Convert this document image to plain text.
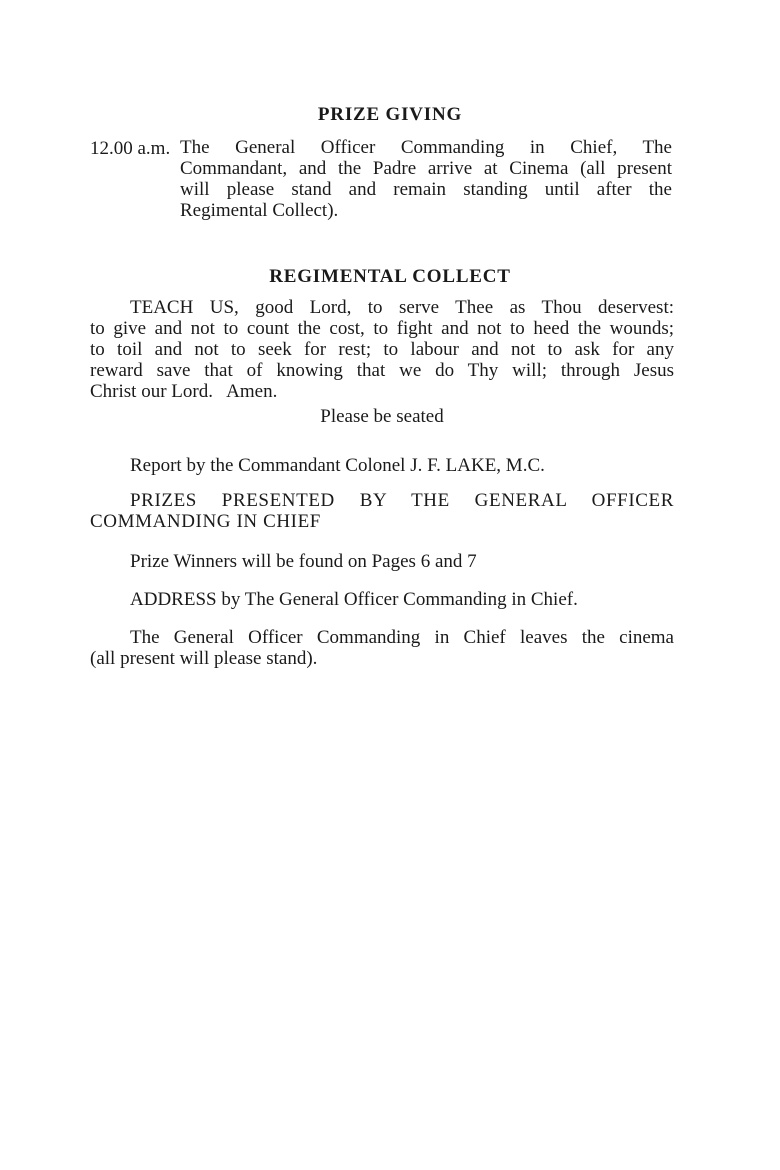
PRIZE GIVING
12.00 a.m. The General Officer Commanding in Chief, The
Commandant, and the Padre arrive at Cinema (all present
will please stand and remain standing until after the
Regimental Collect).
REGIMENTAL COLLECT
TEACH US, good Lord, to serve Thee as Thou deservest:
to give and not to count the cost, to fight and not to heed the wounds;
to toil and not to seek for rest; to labour and not to ask for any
reward save that of knowing that we do Thy will; through Jesus
Christ our Lord.   Amen.
Please be seated
Report by the Commandant Colonel J. F. LAKE, M.C.
PRIZES PRESENTED BY THE GENERAL OFFICER
COMMANDING IN CHIEF
Prize Winners will be found on Pages 6 and 7
ADDRESS by The General Officer Commanding in Chief.
The General Officer Commanding in Chief leaves the cinema
(all present will please stand).
